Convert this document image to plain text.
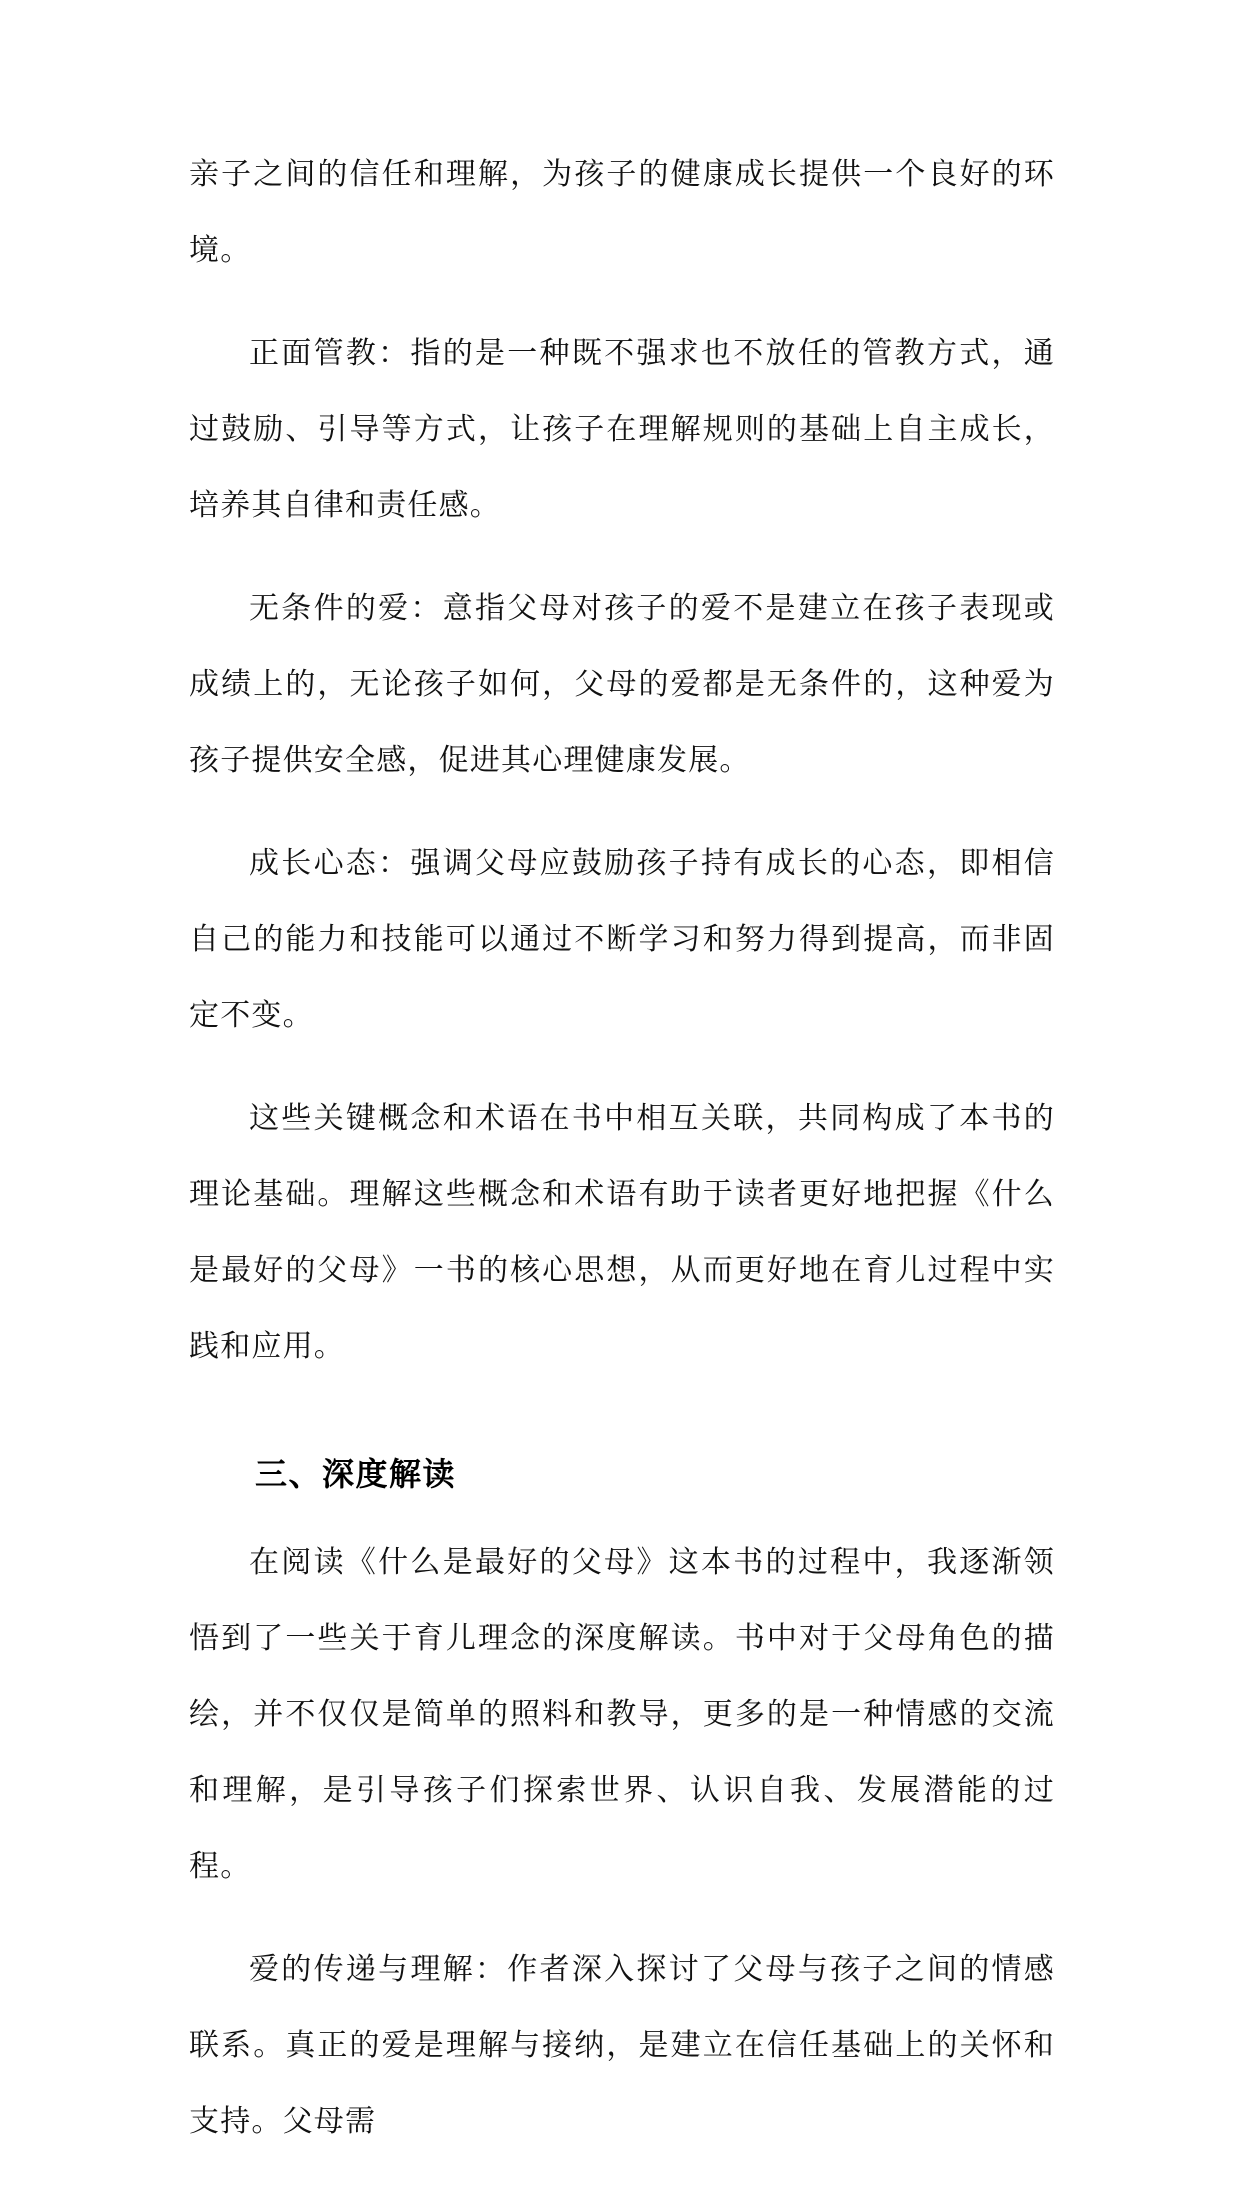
亲子之间的信任和理解，为孩子的健康成长提供一个良好的环境。

正面管教：指的是一种既不强求也不放任的管教方式，通过鼓励、引导等方式，让孩子在理解规则的基础上自主成长，培养其自律和责任感。

无条件的爱：意指父母对孩子的爱不是建立在孩子表现或成绩上的，无论孩子如何，父母的爱都是无条件的，这种爱为孩子提供安全感，促进其心理健康发展。

成长心态：强调父母应鼓励孩子持有成长的心态，即相信自己的能力和技能可以通过不断学习和努力得到提高，而非固定不变。

这些关键概念和术语在书中相互关联，共同构成了本书的理论基础。理解这些概念和术语有助于读者更好地把握《什么是最好的父母》一书的核心思想，从而更好地在育儿过程中实践和应用。

三、深度解读

在阅读《什么是最好的父母》这本书的过程中，我逐渐领悟到了一些关于育儿理念的深度解读。书中对于父母角色的描绘，并不仅仅是简单的照料和教导，更多的是一种情感的交流和理解，是引导孩子们探索世界、认识自我、发展潜能的过程。

爱的传递与理解：作者深入探讨了父母与孩子之间的情感联系。真正的爱是理解与接纳，是建立在信任基础上的关怀和支持。父母需
